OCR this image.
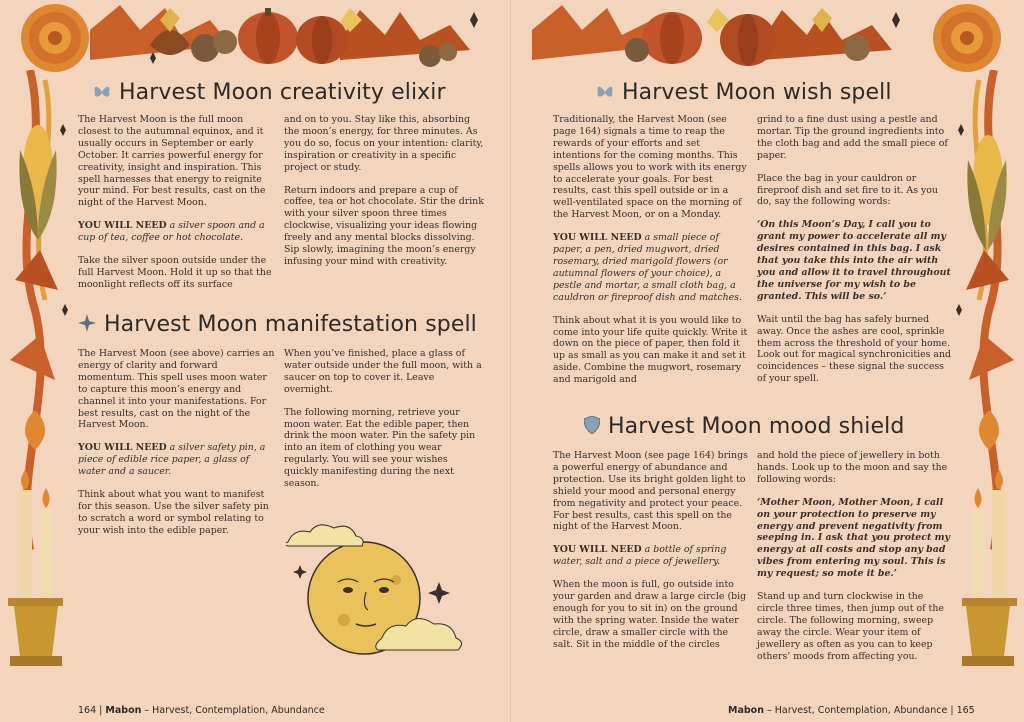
Harvest Moon creativity elixir

The Harvest Moon is the full moon closest to the autumnal equinox, and it usually occurs in September or early October. It carries powerful energy for creativity, insight and inspiration. This spell harnesses that energy to reignite your mind. For best results, cast on the night of the Harvest Moon.

YOU WILL NEED a silver spoon and a cup of tea, coffee or hot chocolate.

Take the silver spoon outside under the full Harvest Moon. Hold it up so that the moonlight reflects off its surface

and on to you. Stay like this, absorbing the moon’s energy, for three minutes. As you do so, focus on your intention: clarity, inspiration or creativity in a specific project or study.

Return indoors and prepare a cup of coffee, tea or hot chocolate. Stir the drink with your silver spoon three times clockwise, visualizing your ideas flowing freely and any mental blocks dissolving. Sip slowly, imagining the moon’s energy infusing your mind with creativity.

Harvest Moon manifestation spell

The Harvest Moon (see above) carries an energy of clarity and forward momentum. This spell uses moon water to capture this moon’s energy and channel it into your manifestations. For best results, cast on the night of the Harvest Moon.

YOU WILL NEED a silver safety pin, a piece of edible rice paper, a glass of water and a saucer.

Think about what you want to manifest for this season. Use the silver safety pin to scratch a word or symbol relating to your wish into the edible paper.

When you’ve finished, place a glass of water outside under the full moon, with a saucer on top to cover it. Leave overnight.

The following morning, retrieve your moon water. Eat the edible paper, then drink the moon water. Pin the safety pin into an item of clothing you wear regularly. You will see your wishes quickly manifesting during the next season.

164 | Mabon – Harvest, Contemplation, Abundance
Harvest Moon wish spell

Traditionally, the Harvest Moon (see page 164) signals a time to reap the rewards of your efforts and set intentions for the coming months. This spells allows you to work with its energy to accelerate your goals. For best results, cast this spell outside or in a well-ventilated space on the morning of the Harvest Moon, or on a Monday.

YOU WILL NEED a small piece of paper, a pen, dried mugwort, dried rosemary, dried marigold flowers (or autumnal flowers of your choice), a pestle and mortar, a small cloth bag, a cauldron or fireproof dish and matches.

Think about what it is you would like to come into your life quite quickly. Write it down on the piece of paper, then fold it up as small as you can make it and set it aside. Combine the mugwort, rosemary and marigold and

grind to a fine dust using a pestle and mortar. Tip the ground ingredients into the cloth bag and add the small piece of paper.

Place the bag in your cauldron or fireproof dish and set fire to it. As you do, say the following words:

‘On this Moon’s Day, I call you to grant my power to accelerate all my desires contained in this bag. I ask that you take this into the air with you and allow it to travel throughout the universe for my wish to be granted. This will be so.’

Wait until the bag has safely burned away. Once the ashes are cool, sprinkle them across the threshold of your home. Look out for magical synchronicities and coincidences – these signal the success of your spell.

Harvest Moon mood shield

The Harvest Moon (see page 164) brings a powerful energy of abundance and protection. Use its bright golden light to shield your mood and personal energy from negativity and protect your peace. For best results, cast this spell on the night of the Harvest Moon.

YOU WILL NEED a bottle of spring water, salt and a piece of jewellery.

When the moon is full, go outside into your garden and draw a large circle (big enough for you to sit in) on the ground with the spring water. Inside the water circle, draw a smaller circle with the salt. Sit in the middle of the circles

and hold the piece of jewellery in both hands. Look up to the moon and say the following words:

‘Mother Moon, Mother Moon, I call on your protection to preserve my energy and prevent negativity from seeping in. I ask that you protect my energy at all costs and stop any bad vibes from entering my soul. This is my request; so mote it be.’

Stand up and turn clockwise in the circle three times, then jump out of the circle. The following morning, sweep away the circle. Wear your item of jewellery as often as you can to keep others’ moods from affecting you.

Mabon – Harvest, Contemplation, Abundance | 165
